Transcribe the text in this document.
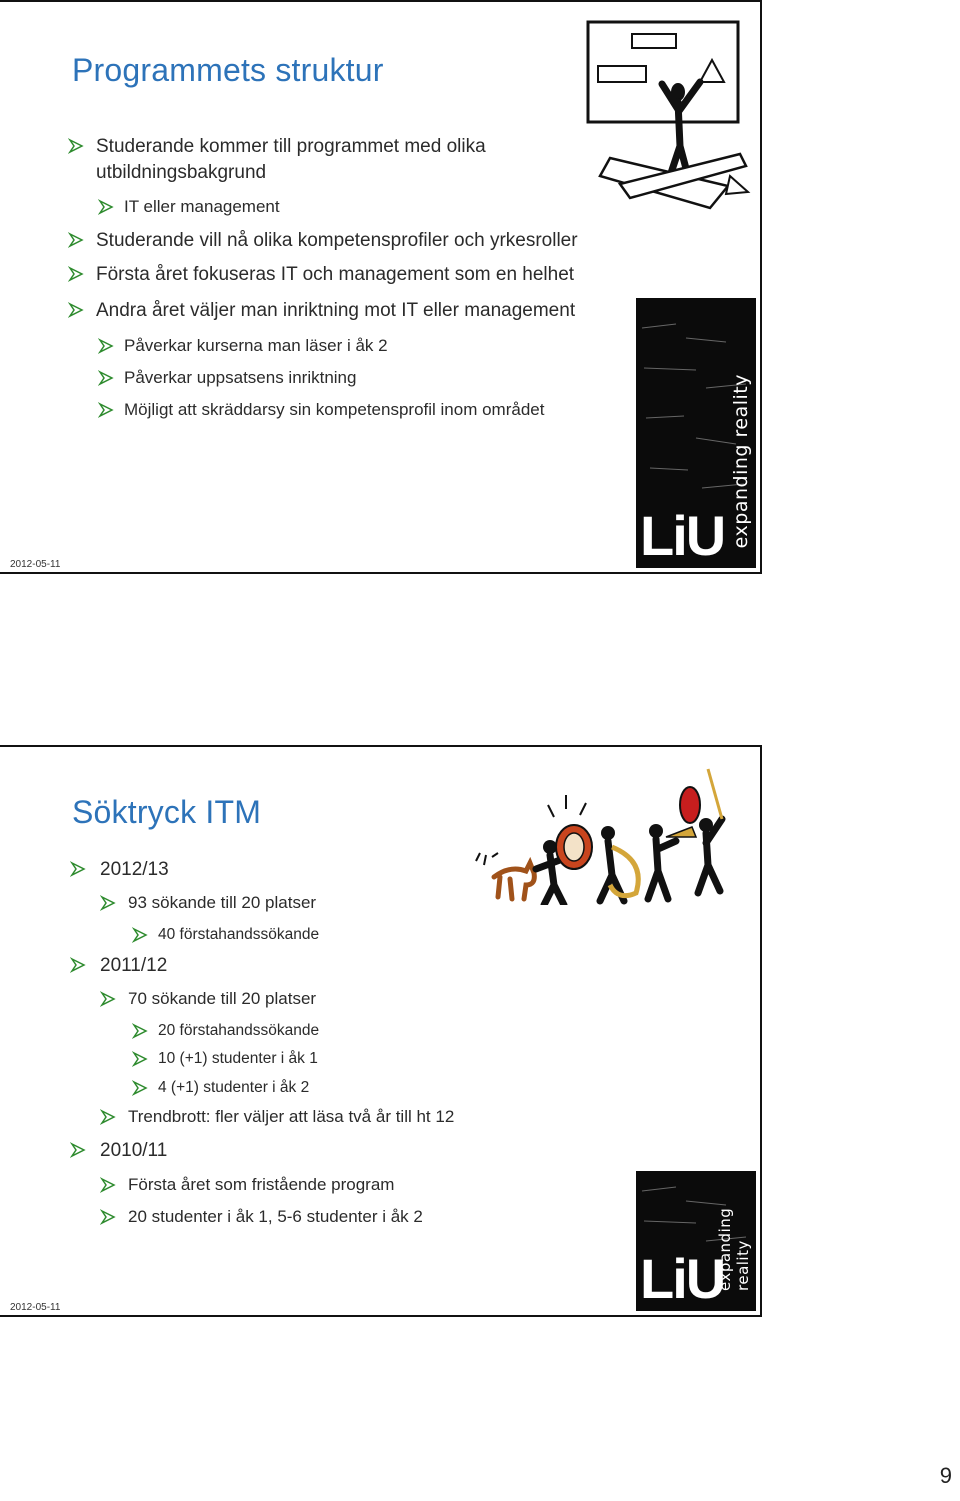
Programmets struktur
Studerande kommer till programmet med olika
utbildningsbakgrund
IT eller management
Studerande vill nå olika kompetensprofiler och yrkesroller
Första året fokuseras IT och management som en helhet
Andra året väljer man inriktning mot IT eller management
Påverkar kurserna man läser i åk 2
Påverkar uppsatsens inriktning
Möjligt att skräddarsy sin kompetensprofil inom området
LiU expanding reality
2012-05-11
Söktryck ITM
2012/13
93 sökande till 20 platser
40 förstahandssökande
2011/12
70 sökande till 20 platser
20 förstahandssökande
10 (+1) studenter i åk 1
4 (+1) studenter i åk 2
Trendbrott: fler väljer att läsa två år till ht 12
2010/11
Första året som fristående program
20 studenter i åk 1, 5-6 studenter i åk 2
LiU
expanding reality
2012-05-11
9
